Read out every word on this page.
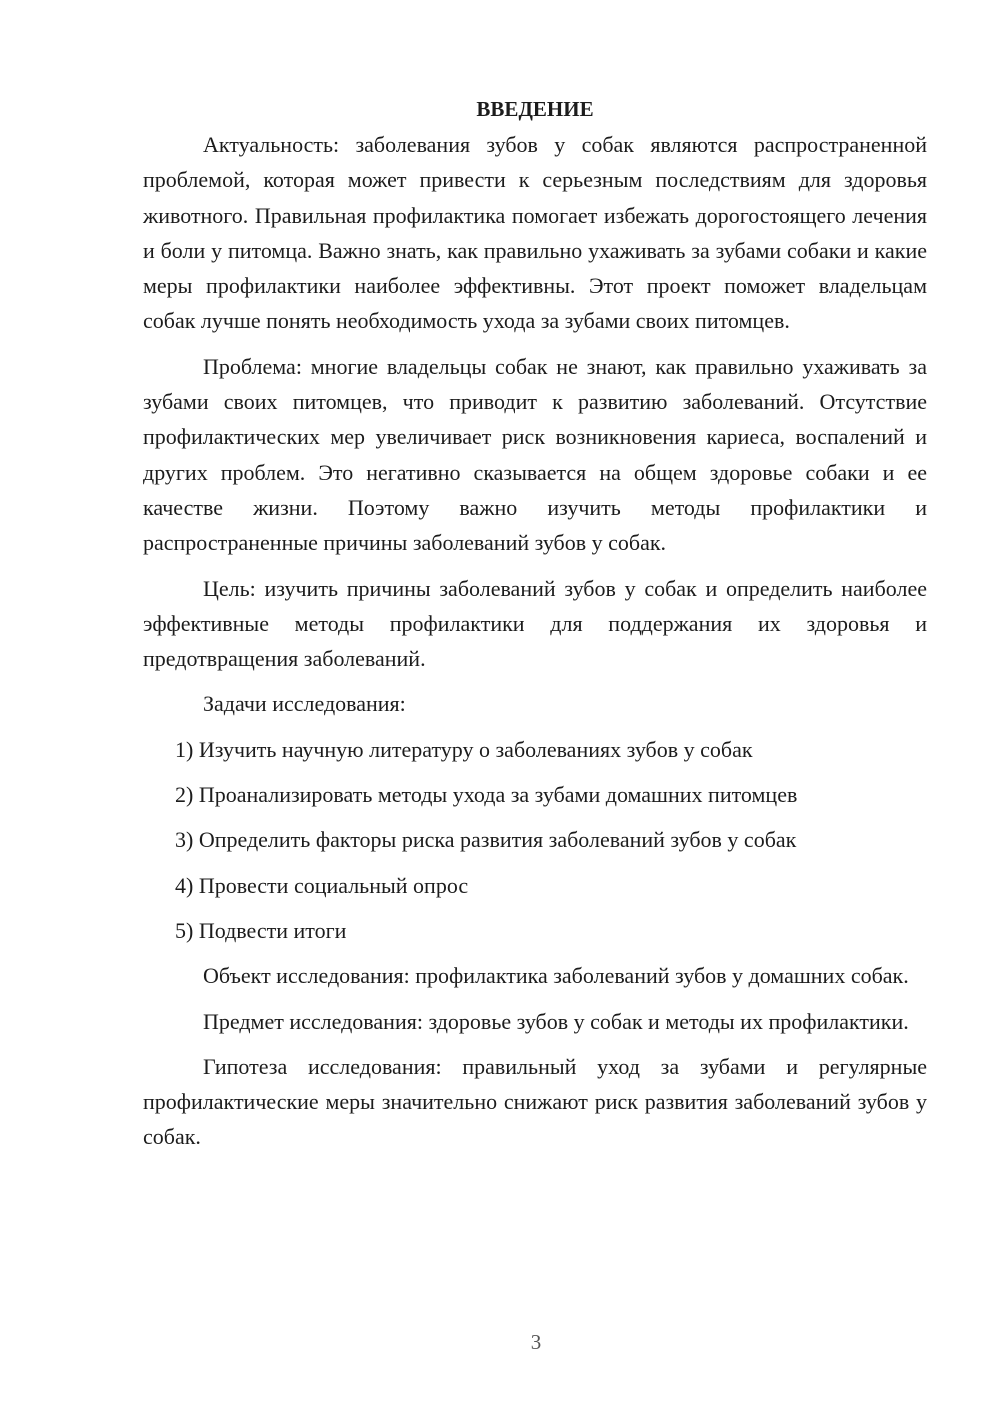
ВВЕДЕНИЕ

Актуальность: заболевания зубов у собак являются распространенной проблемой, которая может привести к серьезным последствиям для здоровья животного. Правильная профилактика помогает избежать дорогостоящего лечения и боли у питомца. Важно знать, как правильно ухаживать за зубами собаки и какие меры профилактики наиболее эффективны. Этот проект поможет владельцам собак лучше понять необходимость ухода за зубами своих питомцев.

Проблема: многие владельцы собак не знают, как правильно ухаживать за зубами своих питомцев, что приводит к развитию заболеваний. Отсутствие профилактических мер увеличивает риск возникновения кариеса, воспалений и других проблем. Это негативно сказывается на общем здоровье собаки и ее качестве жизни. Поэтому важно изучить методы профилактики и распространенные причины заболеваний зубов у собак.

Цель: изучить причины заболеваний зубов у собак и определить наиболее эффективные методы профилактики для поддержания их здоровья и предотвращения заболеваний.

Задачи исследования:

1) Изучить научную литературу о заболеваниях зубов у собак

2) Проанализировать методы ухода за зубами домашних питомцев

3) Определить факторы риска развития заболеваний зубов у собак

4) Провести социальный опрос

5) Подвести итоги

Объект исследования: профилактика заболеваний зубов у домашних собак.

Предмет исследования: здоровье зубов у собак и методы их профилактики.

Гипотеза исследования: правильный уход за зубами и регулярные профилактические меры значительно снижают риск развития заболеваний зубов у собак.

3
